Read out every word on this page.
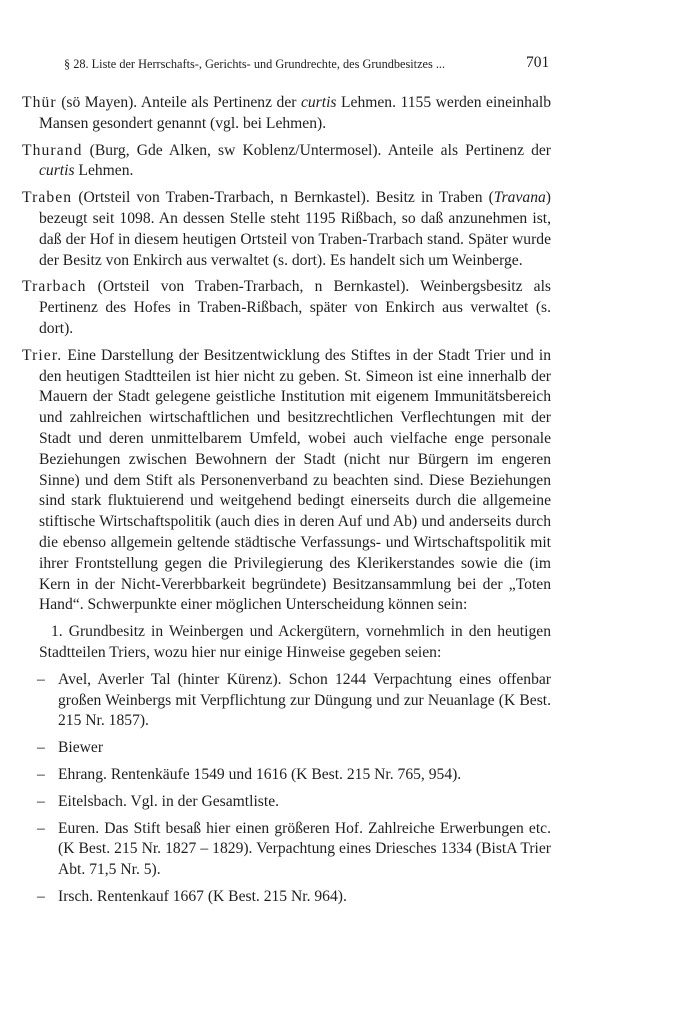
§ 28. Liste der Herrschafts-, Gerichts- und Grundrechte, des Grundbesitzes ...	701

Thür (sö Mayen). Anteile als Pertinenz der curtis Lehmen. 1155 werden eineinhalb Mansen gesondert genannt (vgl. bei Lehmen).

Thurand (Burg, Gde Alken, sw Koblenz/Untermosel). Anteile als Pertinenz der curtis Lehmen.

Traben (Ortsteil von Traben-Trarbach, n Bernkastel). Besitz in Traben (Travana) bezeugt seit 1098. An dessen Stelle steht 1195 Rißbach, so daß anzunehmen ist, daß der Hof in diesem heutigen Ortsteil von Traben-Trarbach stand. Später wurde der Besitz von Enkirch aus verwaltet (s. dort). Es handelt sich um Weinberge.

Trarbach (Ortsteil von Traben-Trarbach, n Bernkastel). Weinbergsbesitz als Pertinenz des Hofes in Traben-Rißbach, später von Enkirch aus verwaltet (s. dort).

Trier. Eine Darstellung der Besitzentwicklung des Stiftes in der Stadt Trier und in den heutigen Stadtteilen ist hier nicht zu geben. St. Simeon ist eine innerhalb der Mauern der Stadt gelegene geistliche Institution mit eigenem Immunitätsbereich und zahlreichen wirtschaftlichen und besitzrechtlichen Verflechtungen mit der Stadt und deren unmittelbarem Umfeld, wobei auch vielfache enge personale Beziehungen zwischen Bewohnern der Stadt (nicht nur Bürgern im engeren Sinne) und dem Stift als Personenverband zu beachten sind. Diese Beziehungen sind stark fluktuierend und weitgehend bedingt einerseits durch die allgemeine stiftische Wirtschaftspolitik (auch dies in deren Auf und Ab) und anderseits durch die ebenso allgemein geltende städtische Verfassungs- und Wirtschaftspolitik mit ihrer Frontstellung gegen die Privilegierung des Klerikerstandes sowie die (im Kern in der Nicht-Vererbbarkeit begründete) Besitzansammlung bei der „Toten Hand“. Schwerpunkte einer möglichen Unterscheidung können sein:

1. Grundbesitz in Weinbergen und Ackergütern, vornehmlich in den heutigen Stadtteilen Triers, wozu hier nur einige Hinweise gegeben seien:

– Avel, Averler Tal (hinter Kürenz). Schon 1244 Verpachtung eines offenbar großen Weinbergs mit Verpflichtung zur Düngung und zur Neuanlage (K Best. 215 Nr. 1857).
– Biewer
– Ehrang. Rentenkäufe 1549 und 1616 (K Best. 215 Nr. 765, 954).
– Eitelsbach. Vgl. in der Gesamtliste.
– Euren. Das Stift besaß hier einen größeren Hof. Zahlreiche Erwerbungen etc. (K Best. 215 Nr. 1827 – 1829). Verpachtung eines Driesches 1334 (BistA Trier Abt. 71,5 Nr. 5).
– Irsch. Rentenkauf 1667 (K Best. 215 Nr. 964).
